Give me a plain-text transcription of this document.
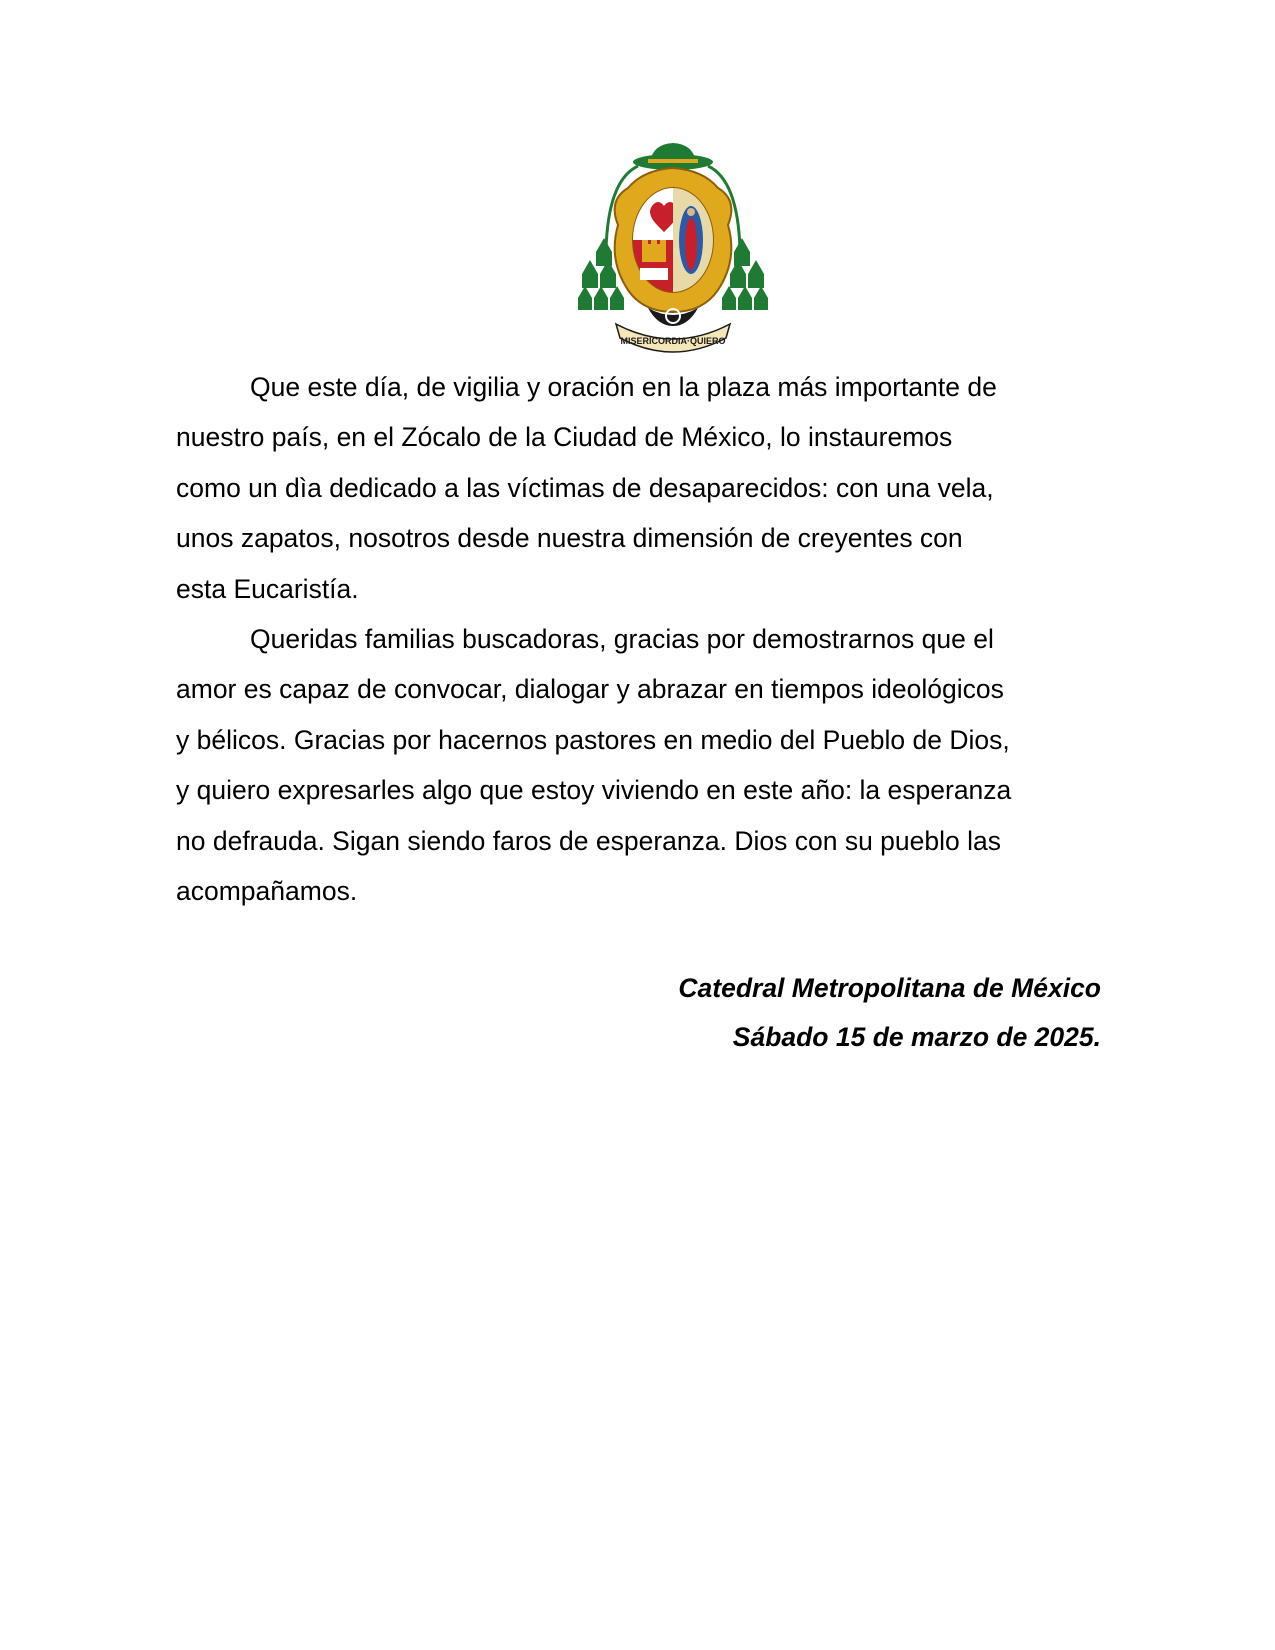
MISERICORDIA·QUIERO

Que este día, de vigilia y oración en la plaza más importante de
nuestro país, en el Zócalo de la Ciudad de México, lo instauremos
como un dìa dedicado a las víctimas de desaparecidos: con una vela,
unos zapatos, nosotros desde nuestra dimensión de creyentes con
esta Eucaristía.

Queridas familias buscadoras, gracias por demostrarnos que el
amor es capaz de convocar, dialogar y abrazar en tiempos ideológicos
y bélicos. Gracias por hacernos pastores en medio del Pueblo de Dios,
y quiero expresarles algo que estoy viviendo en este año: la esperanza
no defrauda. Sigan siendo faros de esperanza. Dios con su pueblo las
acompañamos.

Catedral Metropolitana de México
Sábado 15 de marzo de 2025.
